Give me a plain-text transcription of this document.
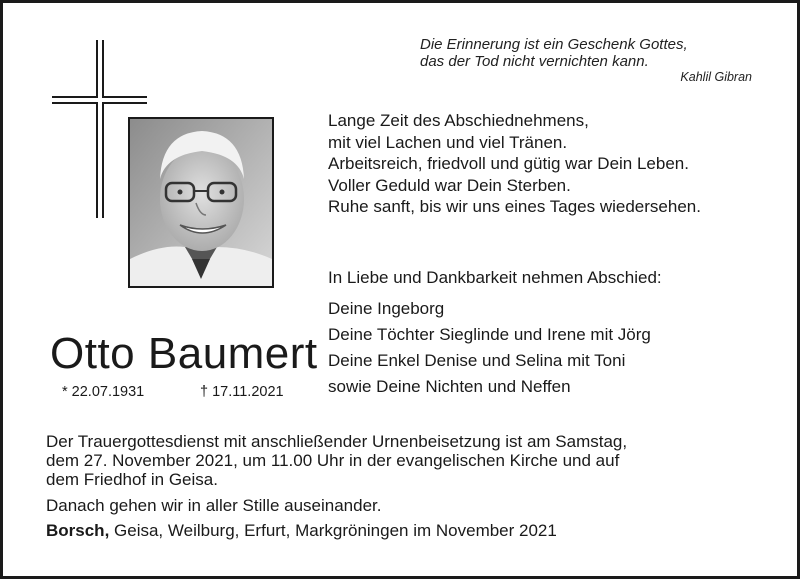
Die Erinnerung ist ein Geschenk Gottes,
das der Tod nicht vernichten kann.
Kahlil Gibran
Lange Zeit des Abschiednehmens,
mit viel Lachen und viel Tränen.
Arbeitsreich, friedvoll und gütig war Dein Leben.
Voller Geduld war Dein Sterben.
Ruhe sanft, bis wir uns eines Tages wiedersehen.
In Liebe und Dankbarkeit nehmen Abschied:
Deine Ingeborg
Deine Töchter Sieglinde und Irene mit Jörg
Deine Enkel Denise und Selina mit Toni
sowie Deine Nichten und Neffen
Otto Baumert
* 22.07.1931	† 17.11.2021
Der Trauergottesdienst mit anschließender Urnenbeisetzung ist am Samstag,
dem 27. November 2021, um 11.00 Uhr in der evangelischen Kirche und auf
dem Friedhof in Geisa.
Danach gehen wir in aller Stille auseinander.
Borsch, Geisa, Weilburg, Erfurt, Markgröningen im November 2021
